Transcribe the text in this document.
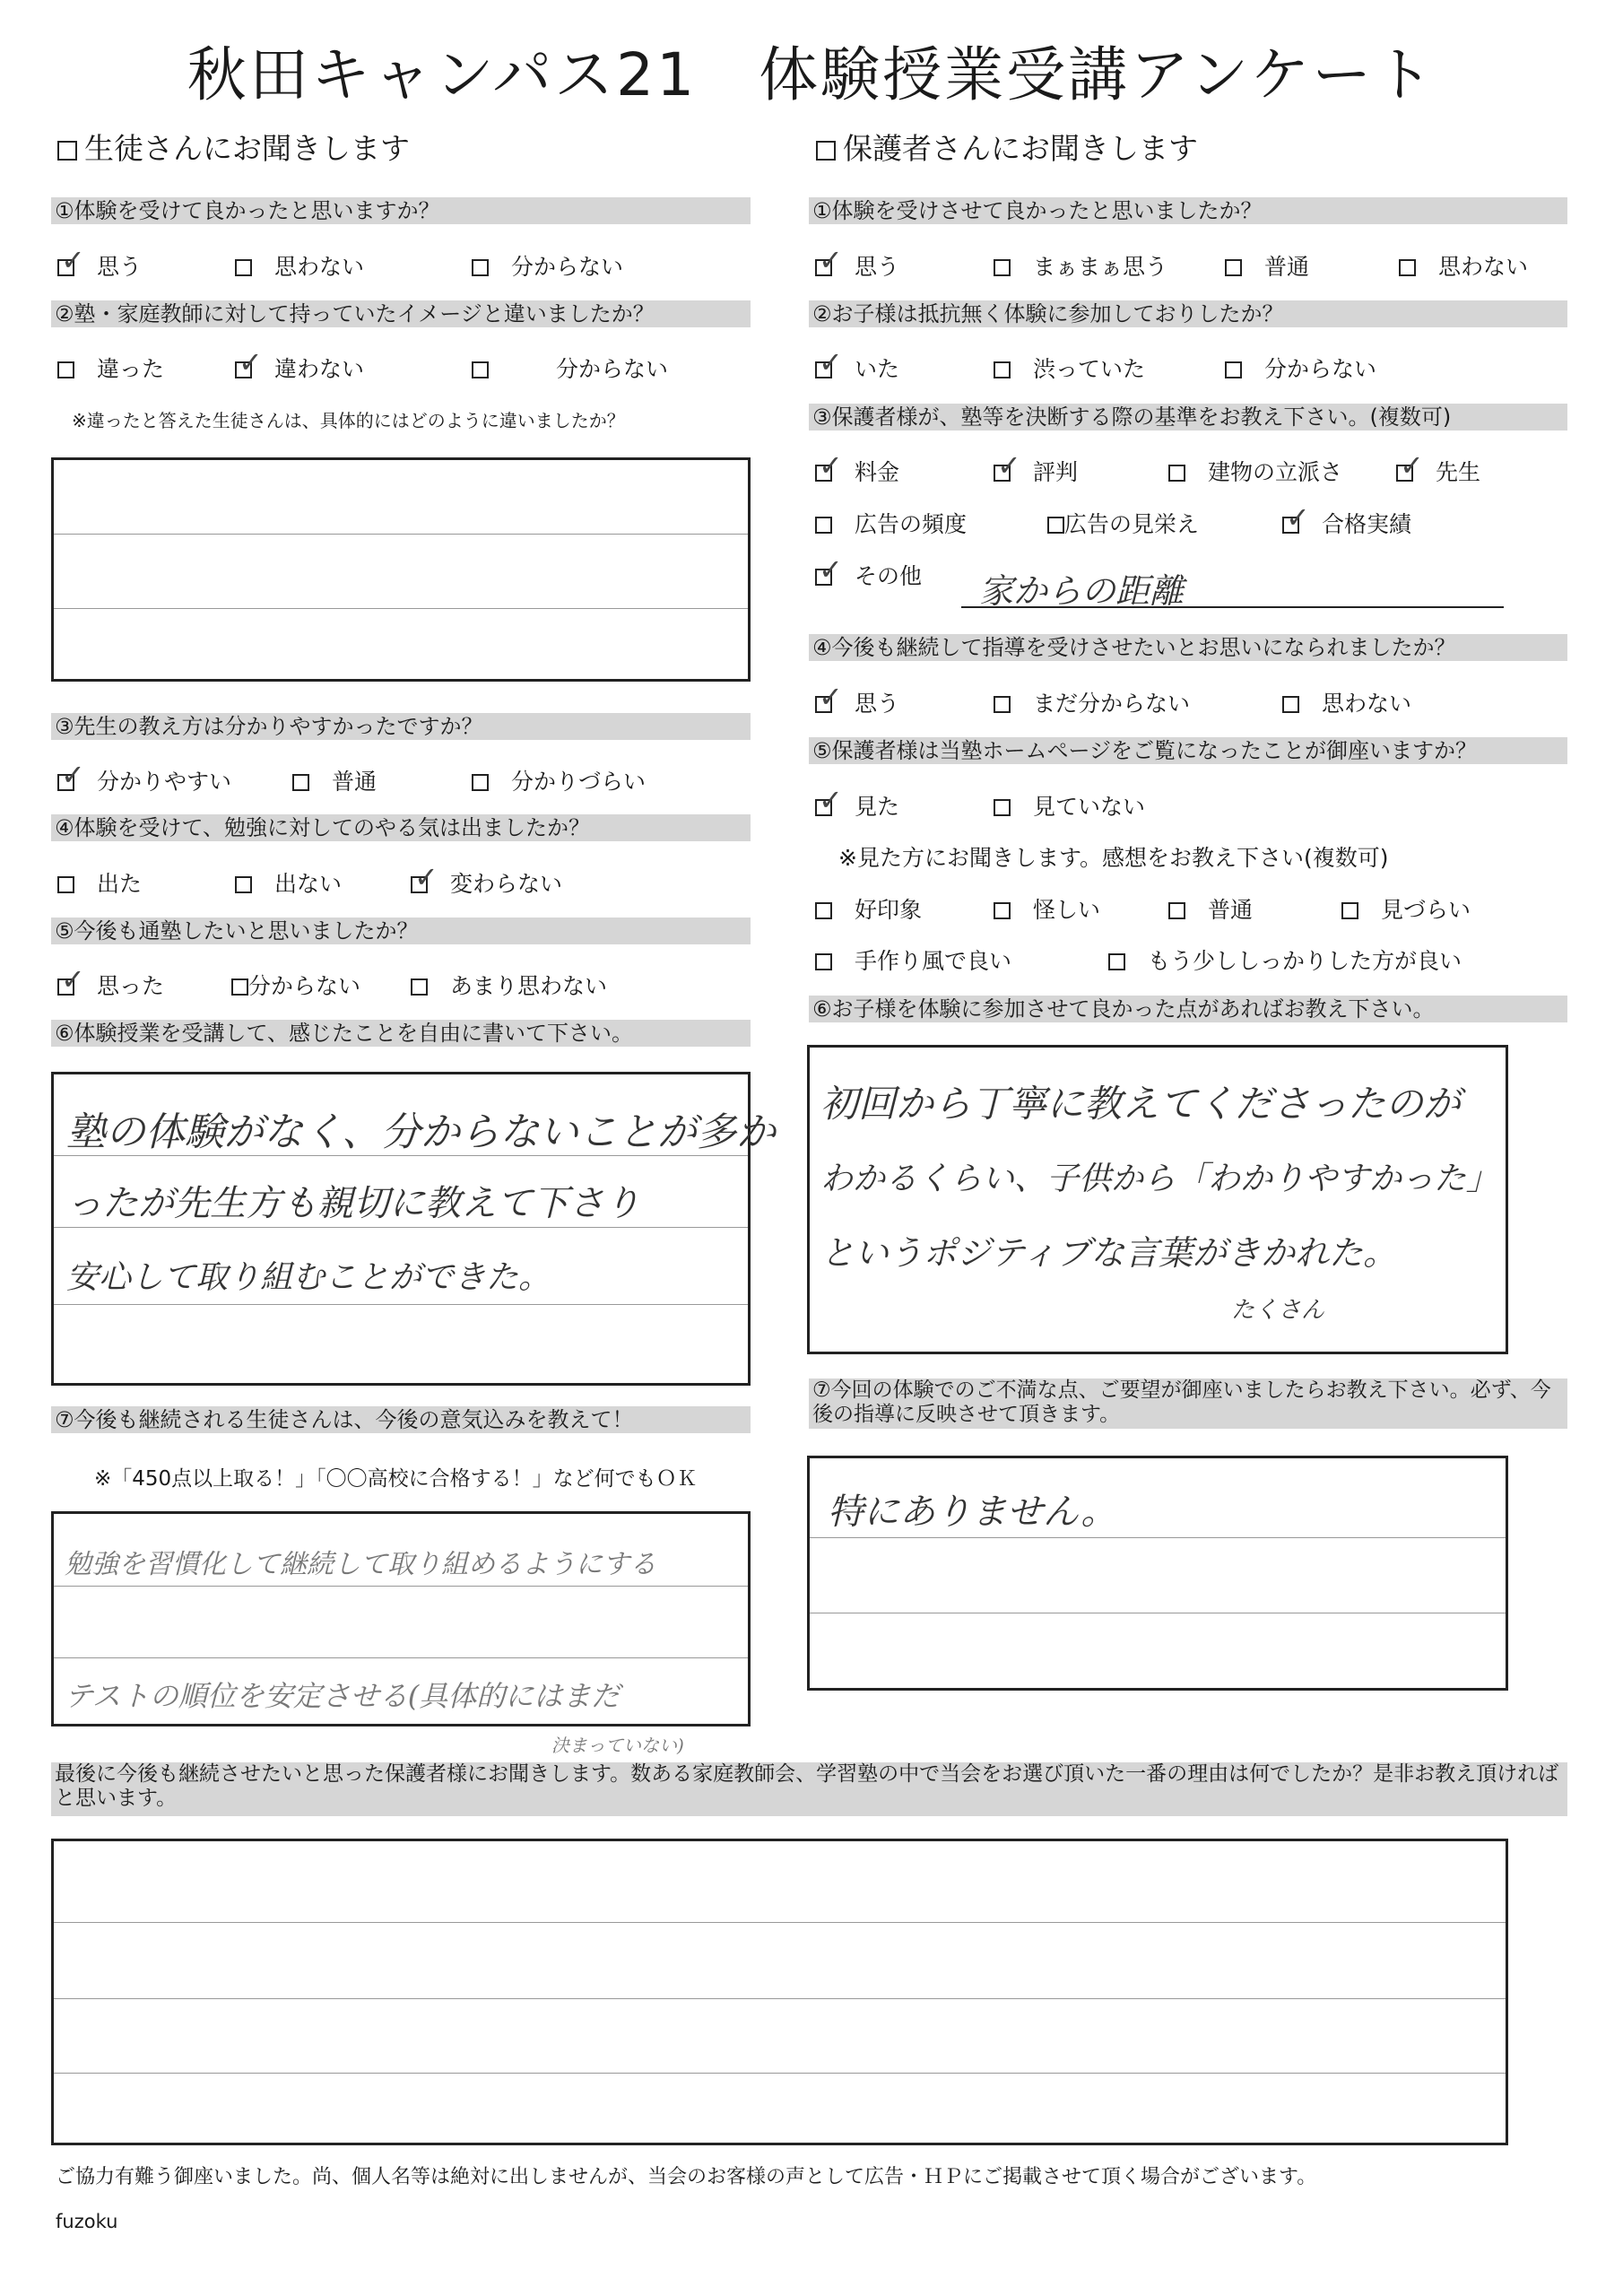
秋田キャンパス21　体験授業受講アンケート
生徒さんにお聞きします	保護者さんにお聞きします
①体験を受けて良かったと思いますか？
✓　思う
　	思わない
　	分からない
②塾・家庭教師に対して持っていたイメージと違いましたか？
　違った ✓　	違わない
　　　	分からない
※違ったと答えた生徒さんは、具体的にはどのように違いましたか？
③先生の教え方は分かりやすかったですか？
✓　分かりやすい
　	普通
　	分かりづらい
④体験を受けて、勉強に対してのやる気は出ましたか？
　出た
　	出ない ✓　	変わらない
⑤今後も通塾したいと思いましたか？
✓　思った	分からない
　	あまり思わない
⑥体験授業を受講して、感じたことを自由に書いて下さい。
塾の体験がなく、分からないことが多か
ったが先生方も親切に教えて下さり
安心して取り組むことができた。
⑦今後も継続される生徒さんは、今後の意気込みを教えて！
※「450点以上取る！」「〇〇高校に合格する！」など何でもＯＫ
勉強を習慣化して継続して取り組めるようにする
テストの順位を安定させる(具体的にはまだ
決まっていない)
①体験を受けさせて良かったと思いましたか？
✓　思う
　	まぁまぁ思う
　	普通
　	思わない
②お子様は抵抗無く体験に参加しておりしたか？
✓　いた
　	渋っていた
　	分からない
③保護者様が、塾等を決断する際の基準をお教え下さい。(複数可)
✓　料金 ✓　	評判
　	建物の立派さ ✓　	先生
　広告の頻度	広告の見栄え ✓　	合格実績
✓　その他 家からの距離
④今後も継続して指導を受けさせたいとお思いになられましたか？
✓　思う
　	まだ分からない
　	思わない
⑤保護者様は当塾ホームページをご覧になったことが御座いますか？
✓　見た
　	見ていない
※見た方にお聞きします。感想をお教え下さい(複数可)
　好印象
　	怪しい
　	普通
　	見づらい
　手作り風で良い
　	もう少ししっかりした方が良い
⑥お子様を体験に参加させて良かった点があればお教え下さい。
初回から丁寧に教えてくださったのが
わかるくらい、子供から「わかりやすかった」
というポジティブな言葉がきかれた。
たくさん
⑦今回の体験でのご不満な点、ご要望が御座いましたらお教え下さい。必ず、今後の指導に反映させて頂きます。
特にありません。
最後に今後も継続させたいと思った保護者様にお聞きします。数ある家庭教師会、学習塾の中で当会をお選び頂いた一番の理由は何でしたか？是非お教え頂ければと思います。
ご協力有難う御座いました。尚、個人名等は絶対に出しませんが、当会のお客様の声として広告・ＨＰにご掲載させて頂く場合がございます。
fuzoku
